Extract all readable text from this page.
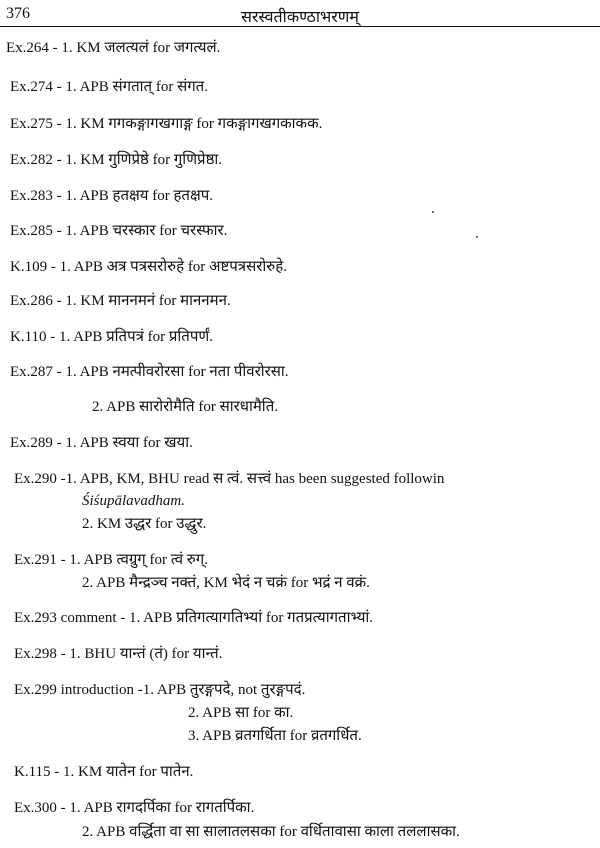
376	सरस्वतीकण्ठाभरणम्
Ex.264 - 1. KM जलत्यलं for जगत्यलं.
Ex.274 - 1. APB संगतात् for संगत.
Ex.275 - 1. KM गगकङ्गागखगाङ्ग for गकङ्गागखगकाकक.
Ex.282 - 1. KM गुणिप्रेष्ठे for गुणिप्रेष्ठा.
Ex.283 - 1. APB हतक्षय for हतक्षप.
Ex.285 - 1. APB चरस्कार for चरस्फार.
K.109 - 1. APB अत्र पत्रसरोरुहे for अष्टपत्रसरोरुहे.
Ex.286 - 1. KM माननमनं for माननमन.
K.110 - 1. APB प्रतिपत्रं for प्रतिपर्णं.
Ex.287 - 1. APB नमत्पीवरोरसा for नता पीवरोरसा.
2. APB सारोरोमैति for सारधामैति.
Ex.289 - 1. APB स्वया for खया.
Ex.290 -1. APB, KM, BHU read स त्वं. सत्त्वं has been suggested followin
Śiśupālavadham.
2. KM उद्धर for उद्धुर.
Ex.291 - 1. APB त्वग्रुग् for त्वं रुग्.
2. APB मैन्द्रञ्च नक्तं, KM भेदं न चक्रं for भद्रं न वक्रं.
Ex.293 comment - 1. APB प्रतिगत्यागतिभ्यां for गतप्रत्यागताभ्यां.
Ex.298 - 1. BHU यान्तं (तं) for यान्तं.
Ex.299 introduction -1. APB तुरङ्गपदे, not तुरङ्गपदं.
2. APB सा for का.
3. APB व्रतगर्धिता for व्रतगर्धित.
K.115 - 1. KM यातेन for पातेन.
Ex.300 - 1. APB रागदर्पिका for रागतर्पिका.
2. APB वर्द्धिता वा सा सालातलसका for वर्धितावासा काला तललासका.
